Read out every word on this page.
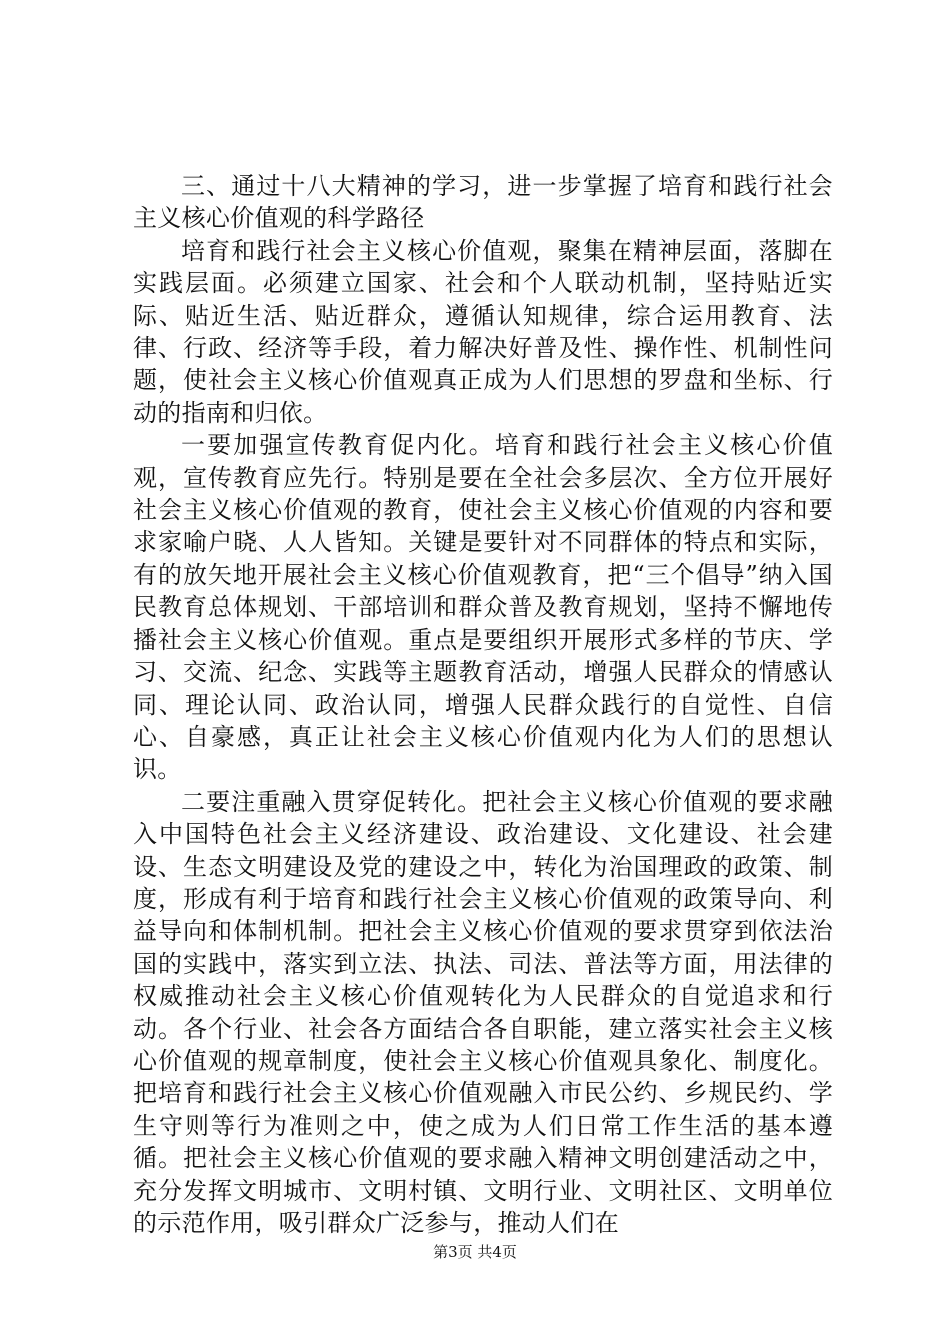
三、通过十八大精神的学习，进一步掌握了培育和践行社会主义核心价值观的科学路径

培育和践行社会主义核心价值观，聚集在精神层面，落脚在实践层面。必须建立国家、社会和个人联动机制，坚持贴近实际、贴近生活、贴近群众，遵循认知规律，综合运用教育、法律、行政、经济等手段，着力解决好普及性、操作性、机制性问题，使社会主义核心价值观真正成为人们思想的罗盘和坐标、行动的指南和归依。

一要加强宣传教育促内化。培育和践行社会主义核心价值观，宣传教育应先行。特别是要在全社会多层次、全方位开展好社会主义核心价值观的教育，使社会主义核心价值观的内容和要求家喻户晓、人人皆知。关键是要针对不同群体的特点和实际，有的放矢地开展社会主义核心价值观教育，把“三个倡导”纳入国民教育总体规划、干部培训和群众普及教育规划，坚持不懈地传播社会主义核心价值观。重点是要组织开展形式多样的节庆、学习、交流、纪念、实践等主题教育活动，增强人民群众的情感认同、理论认同、政治认同，增强人民群众践行的自觉性、自信心、自豪感，真正让社会主义核心价值观内化为人们的思想认识。

二要注重融入贯穿促转化。把社会主义核心价值观的要求融入中国特色社会主义经济建设、政治建设、文化建设、社会建设、生态文明建设及党的建设之中，转化为治国理政的政策、制度，形成有利于培育和践行社会主义核心价值观的政策导向、利益导向和体制机制。把社会主义核心价值观的要求贯穿到依法治国的实践中，落实到立法、执法、司法、普法等方面，用法律的权威推动社会主义核心价值观转化为人民群众的自觉追求和行动。各个行业、社会各方面结合各自职能，建立落实社会主义核心价值观的规章制度，使社会主义核心价值观具象化、制度化。把培育和践行社会主义核心价值观融入市民公约、乡规民约、学生守则等行为准则之中，使之成为人们日常工作生活的基本遵循。把社会主义核心价值观的要求融入精神文明创建活动之中，充分发挥文明城市、文明村镇、文明行业、文明社区、文明单位的示范作用，吸引群众广泛参与，推动人们在

第3页 共4页
